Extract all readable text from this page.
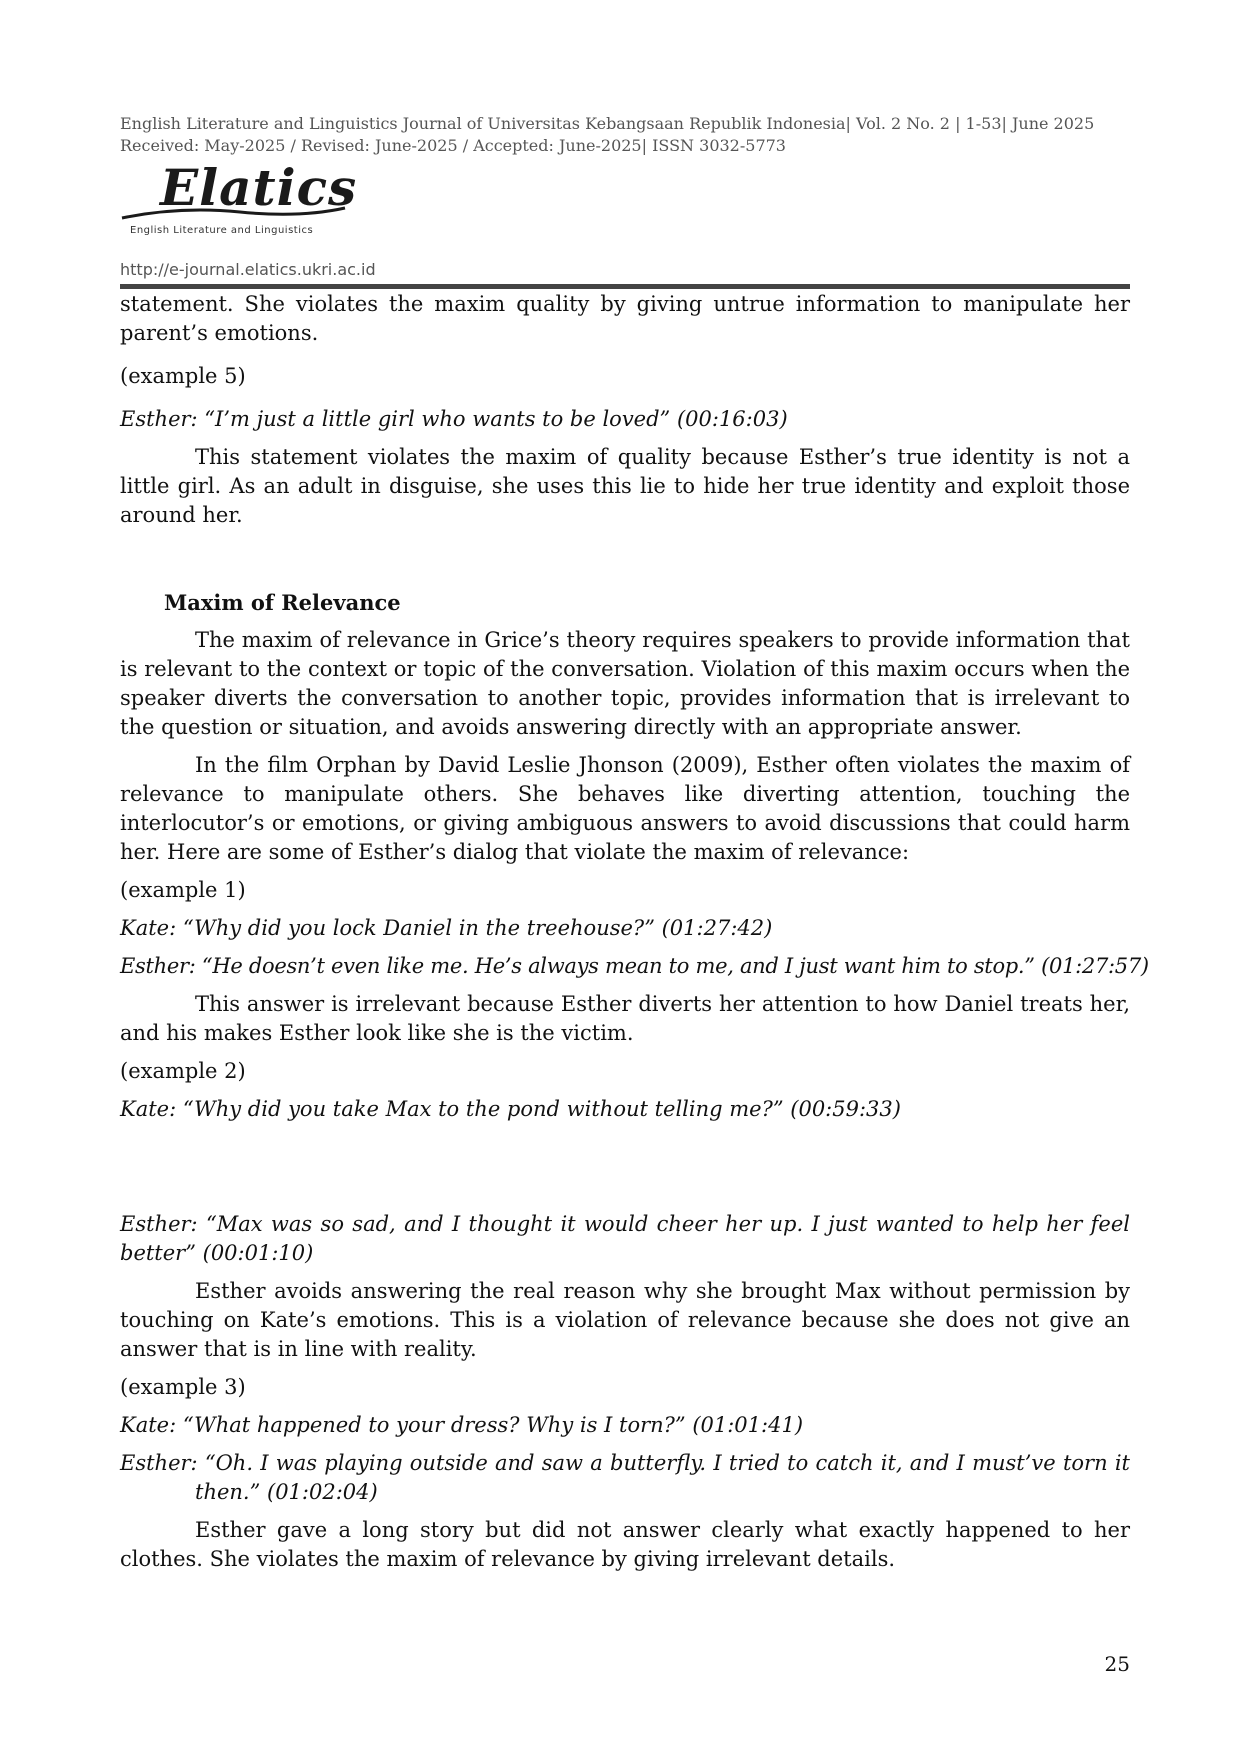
English Literature and Linguistics Journal of Universitas Kebangsaan Republik Indonesia| Vol. 2 No. 2 | 1-53| June 2025
Received: May-2025 / Revised: June-2025 / Accepted: June-2025| ISSN 3032-5773
Elatics
English Literature and Linguistics
http://e-journal.elatics.ukri.ac.id

statement. She violates the maxim quality by giving untrue information to manipulate her parent’s emotions.

(example 5)

Esther: “I’m just a little girl who wants to be loved” (00:16:03)

This statement violates the maxim of quality because Esther’s true identity is not a little girl. As an adult in disguise, she uses this lie to hide her true identity and exploit those around her.

Maxim of Relevance

The maxim of relevance in Grice’s theory requires speakers to provide information that is relevant to the context or topic of the conversation. Violation of this maxim occurs when the speaker diverts the conversation to another topic, provides information that is irrelevant to the question or situation, and avoids answering directly with an appropriate answer.

In the film Orphan by David Leslie Jhonson (2009), Esther often violates the maxim of relevance to manipulate others. She behaves like diverting attention, touching the interlocutor’s or emotions, or giving ambiguous answers to avoid discussions that could harm her. Here are some of Esther’s dialog that violate the maxim of relevance:

(example 1)

Kate: “Why did you lock Daniel in the treehouse?” (01:27:42)

Esther: “He doesn’t even like me. He’s always mean to me, and I just want him to stop.” (01:27:57)

This answer is irrelevant because Esther diverts her attention to how Daniel treats her, and his makes Esther look like she is the victim.

(example 2)

Kate: “Why did you take Max to the pond without telling me?” (00:59:33)

Esther: “Max was so sad, and I thought it would cheer her up. I just wanted to help her feel better” (00:01:10)

Esther avoids answering the real reason why she brought Max without permission by touching on Kate’s emotions. This is a violation of relevance because she does not give an answer that is in line with reality.

(example 3)

Kate: “What happened to your dress? Why is I torn?” (01:01:41)

Esther: “Oh. I was playing outside and saw a butterfly. I tried to catch it, and I must’ve torn it then.” (01:02:04)

Esther gave a long story but did not answer clearly what exactly happened to her clothes. She violates the maxim of relevance by giving irrelevant details.

25
